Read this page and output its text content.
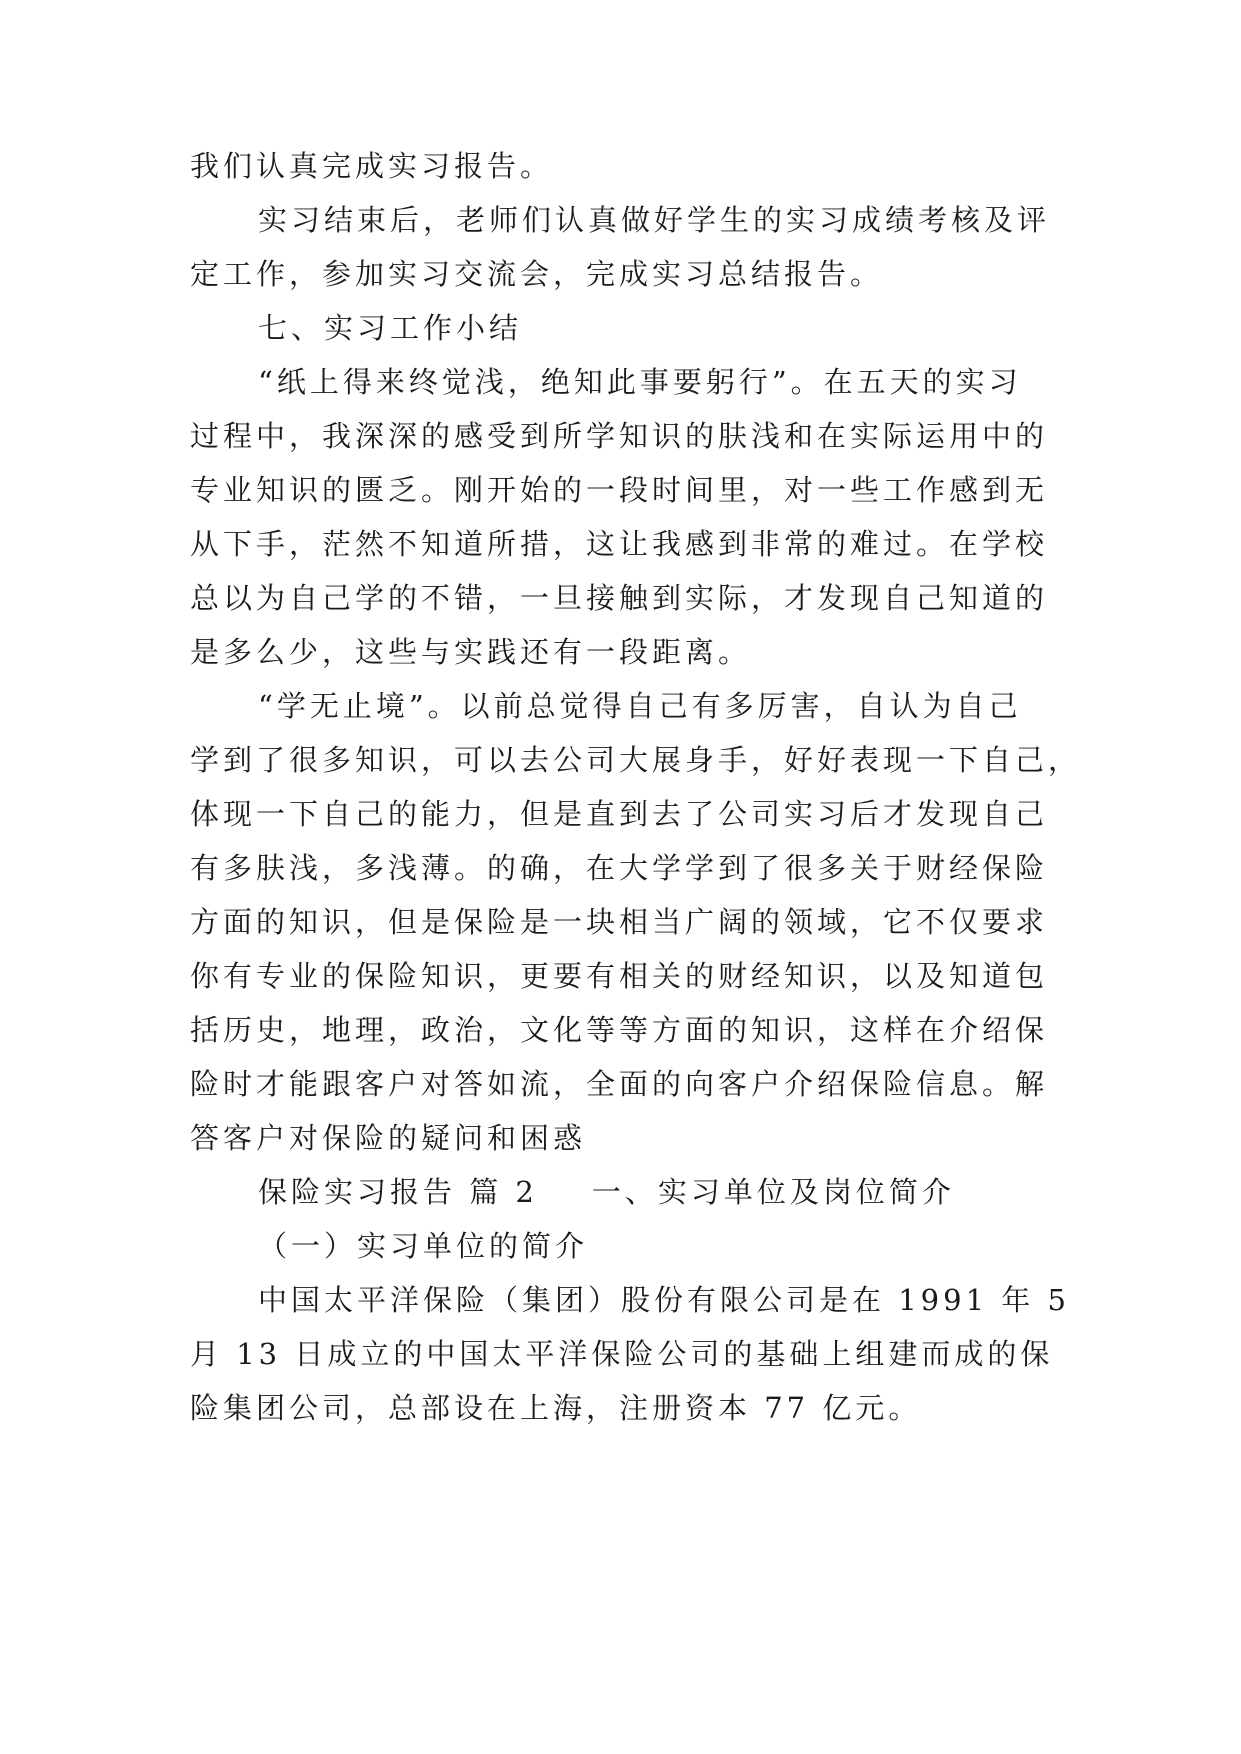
我们认真完成实习报告。

实习结束后，老师们认真做好学生的实习成绩考核及评

定工作，参加实习交流会，完成实习总结报告。

七、实习工作小结

“纸上得来终觉浅，绝知此事要躬行”。在五天的实习

过程中，我深深的感受到所学知识的肤浅和在实际运用中的

专业知识的匮乏。刚开始的一段时间里，对一些工作感到无

从下手，茫然不知道所措，这让我感到非常的难过。在学校

总以为自己学的不错，一旦接触到实际，才发现自己知道的

是多么少，这些与实践还有一段距离。

“学无止境”。以前总觉得自己有多厉害，自认为自己

学到了很多知识，可以去公司大展身手，好好表现一下自己，

体现一下自己的能力，但是直到去了公司实习后才发现自己

有多肤浅，多浅薄。的确，在大学学到了很多关于财经保险

方面的知识，但是保险是一块相当广阔的领域，它不仅要求

你有专业的保险知识，更要有相关的财经知识，以及知道包

括历史，地理，政治，文化等等方面的知识，这样在介绍保

险时才能跟客户对答如流，全面的向客户介绍保险信息。解

答客户对保险的疑问和困惑

保险实习报告 篇 2 一、实习单位及岗位简介

（一）实习单位的简介

中国太平洋保险（集团）股份有限公司是在 1991 年 5

月 13 日成立的中国太平洋保险公司的基础上组建而成的保

险集团公司，总部设在上海，注册资本 77 亿元。
